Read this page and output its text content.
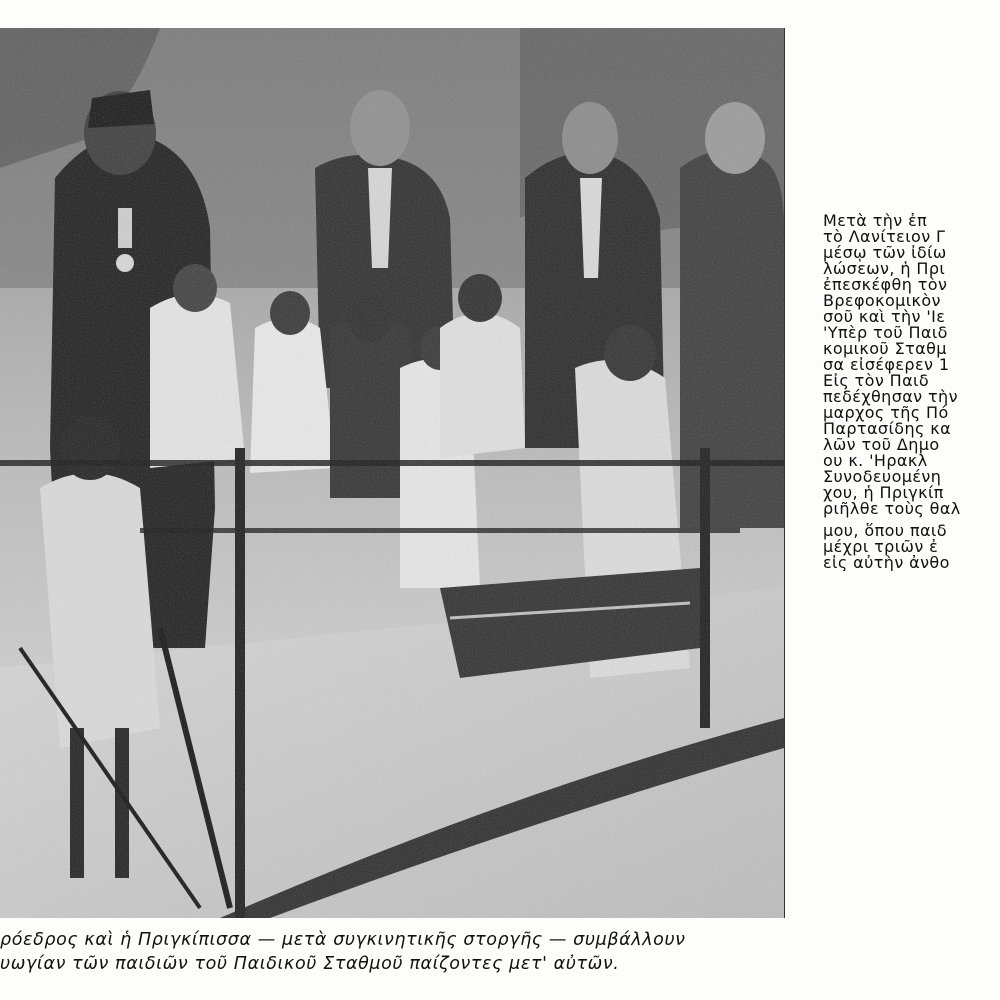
Μετὰ τὴν ἐπ
τὸ Λανίτειον Γ
μέσῳ τῶν ἰδίω
λώσεων, ἡ Πρι
ἐπεσκέφθη τὸν
Βρεφοκομικὸν
σοῦ καὶ τὴν 'Ιε
'Υπὲρ τοῦ Παιδ
κομικοῦ Σταθμ
σα εἰσέφερεν 1
Εἰς τὸν Παιδ
πεδέχθησαν τὴν
μαρχος τῆς Πό
Παρτασίδης κα
λῶν τοῦ Δημο
ου κ. 'Ηρακλ
Συνοδευομένη
χου, ἡ Πριγκίπ
ριῆλθε τοὺς θαλ
μου, ὅπου παιδ
μέχρι τριῶν ἐ
εἰς αὐτὴν ἀνθο
ρόεδρος καὶ ἡ Πριγκίπισσα — μετὰ συγκινητικῆς στοργῆς — συμβάλλουν
υωγίαν τῶν παιδιῶν τοῦ Παιδικοῦ Σταθμοῦ παίζοντες μετ' αὐτῶν.
